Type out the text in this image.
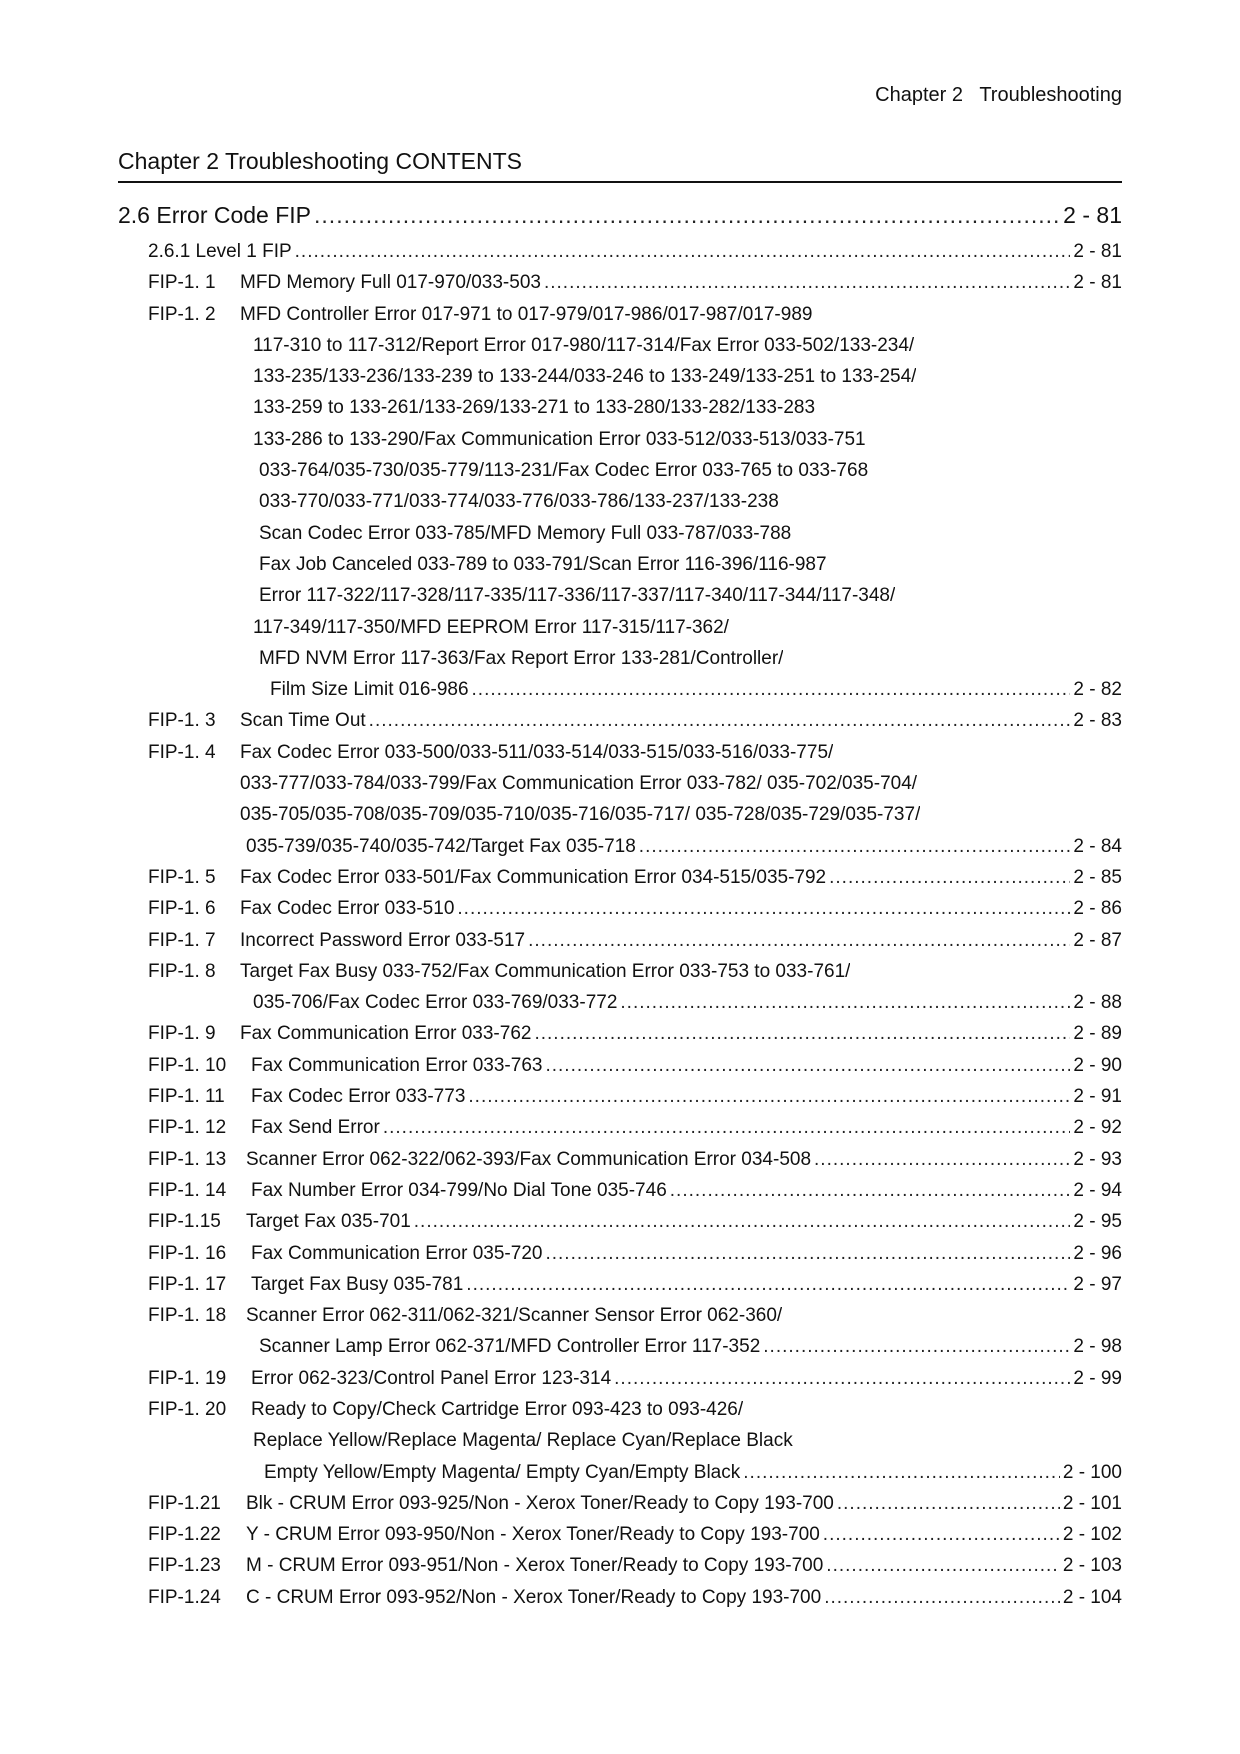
Chapter 2   Troubleshooting
Chapter 2 Troubleshooting CONTENTS
2.6 Error Code FIP .....	2 - 81
2.6.1 Level 1 FIP .....	2 - 81
FIP-1. 1 MFD Memory Full 017-970/033-503 .....	2 - 81
FIP-1. 2 MFD Controller Error 017-971 to 017-979/017-986/017-987/017-989
117-310 to 117-312/Report Error 017-980/117-314/Fax Error 033-502/133-234/
133-235/133-236/133-239 to 133-244/033-246 to 133-249/133-251 to 133-254/
133-259 to 133-261/133-269/133-271 to 133-280/133-282/133-283
133-286 to 133-290/Fax Communication Error 033-512/033-513/033-751
033-764/035-730/035-779/113-231/Fax Codec Error 033-765 to 033-768
033-770/033-771/033-774/033-776/033-786/133-237/133-238
Scan Codec Error 033-785/MFD Memory Full 033-787/033-788
Fax Job Canceled 033-789 to 033-791/Scan Error 116-396/116-987
Error 117-322/117-328/117-335/117-336/117-337/117-340/117-344/117-348/
117-349/117-350/MFD EEPROM Error 117-315/117-362/
MFD NVM Error 117-363/Fax Report Error 133-281/Controller/
Film Size Limit 016-986 .....	2 - 82
FIP-1. 3 Scan Time Out .....	2 - 83
FIP-1. 4 Fax Codec Error 033-500/033-511/033-514/033-515/033-516/033-775/
033-777/033-784/033-799/Fax Communication Error 033-782/ 035-702/035-704/
035-705/035-708/035-709/035-710/035-716/035-717/ 035-728/035-729/035-737/
035-739/035-740/035-742/Target Fax 035-718 .....	2 - 84
FIP-1. 5 Fax Codec Error 033-501/Fax Communication Error 034-515/035-792 .....	2 - 85
FIP-1. 6 Fax Codec Error 033-510 .....	2 - 86
FIP-1. 7 Incorrect Password Error 033-517 .....	2 - 87
FIP-1. 8 Target Fax Busy 033-752/Fax Communication Error 033-753 to 033-761/
035-706/Fax Codec Error 033-769/033-772 .....	2 - 88
FIP-1. 9 Fax Communication Error 033-762 .....	2 - 89
FIP-1. 10 Fax Communication Error 033-763 .....	2 - 90
FIP-1. 11 Fax Codec Error 033-773 .....	2 - 91
FIP-1. 12 Fax Send Error .....	2 - 92
FIP-1. 13 Scanner Error 062-322/062-393/Fax Communication Error 034-508 .....	2 - 93
FIP-1. 14 Fax Number Error 034-799/No Dial Tone 035-746 .....	2 - 94
FIP-1.15 Target Fax 035-701 .....	2 - 95
FIP-1. 16 Fax Communication Error 035-720 .....	2 - 96
FIP-1. 17 Target Fax Busy 035-781 .....	2 - 97
FIP-1. 18 Scanner Error 062-311/062-321/Scanner Sensor Error 062-360/
Scanner Lamp Error 062-371/MFD Controller Error 117-352 .....	2 - 98
FIP-1. 19 Error 062-323/Control Panel Error 123-314 .....	2 - 99
FIP-1. 20 Ready to Copy/Check Cartridge Error 093-423 to 093-426/
Replace Yellow/Replace Magenta/ Replace Cyan/Replace Black
Empty Yellow/Empty Magenta/ Empty Cyan/Empty Black .....	2 - 100
FIP-1.21 Blk - CRUM Error 093-925/Non - Xerox Toner/Ready to Copy 193-700 .....	2 - 101
FIP-1.22 Y - CRUM Error 093-950/Non - Xerox Toner/Ready to Copy 193-700 .....	2 - 102
FIP-1.23 M - CRUM Error 093-951/Non - Xerox Toner/Ready to Copy 193-700 .....	2 - 103
FIP-1.24 C - CRUM Error 093-952/Non - Xerox Toner/Ready to Copy 193-700 .....	2 - 104
